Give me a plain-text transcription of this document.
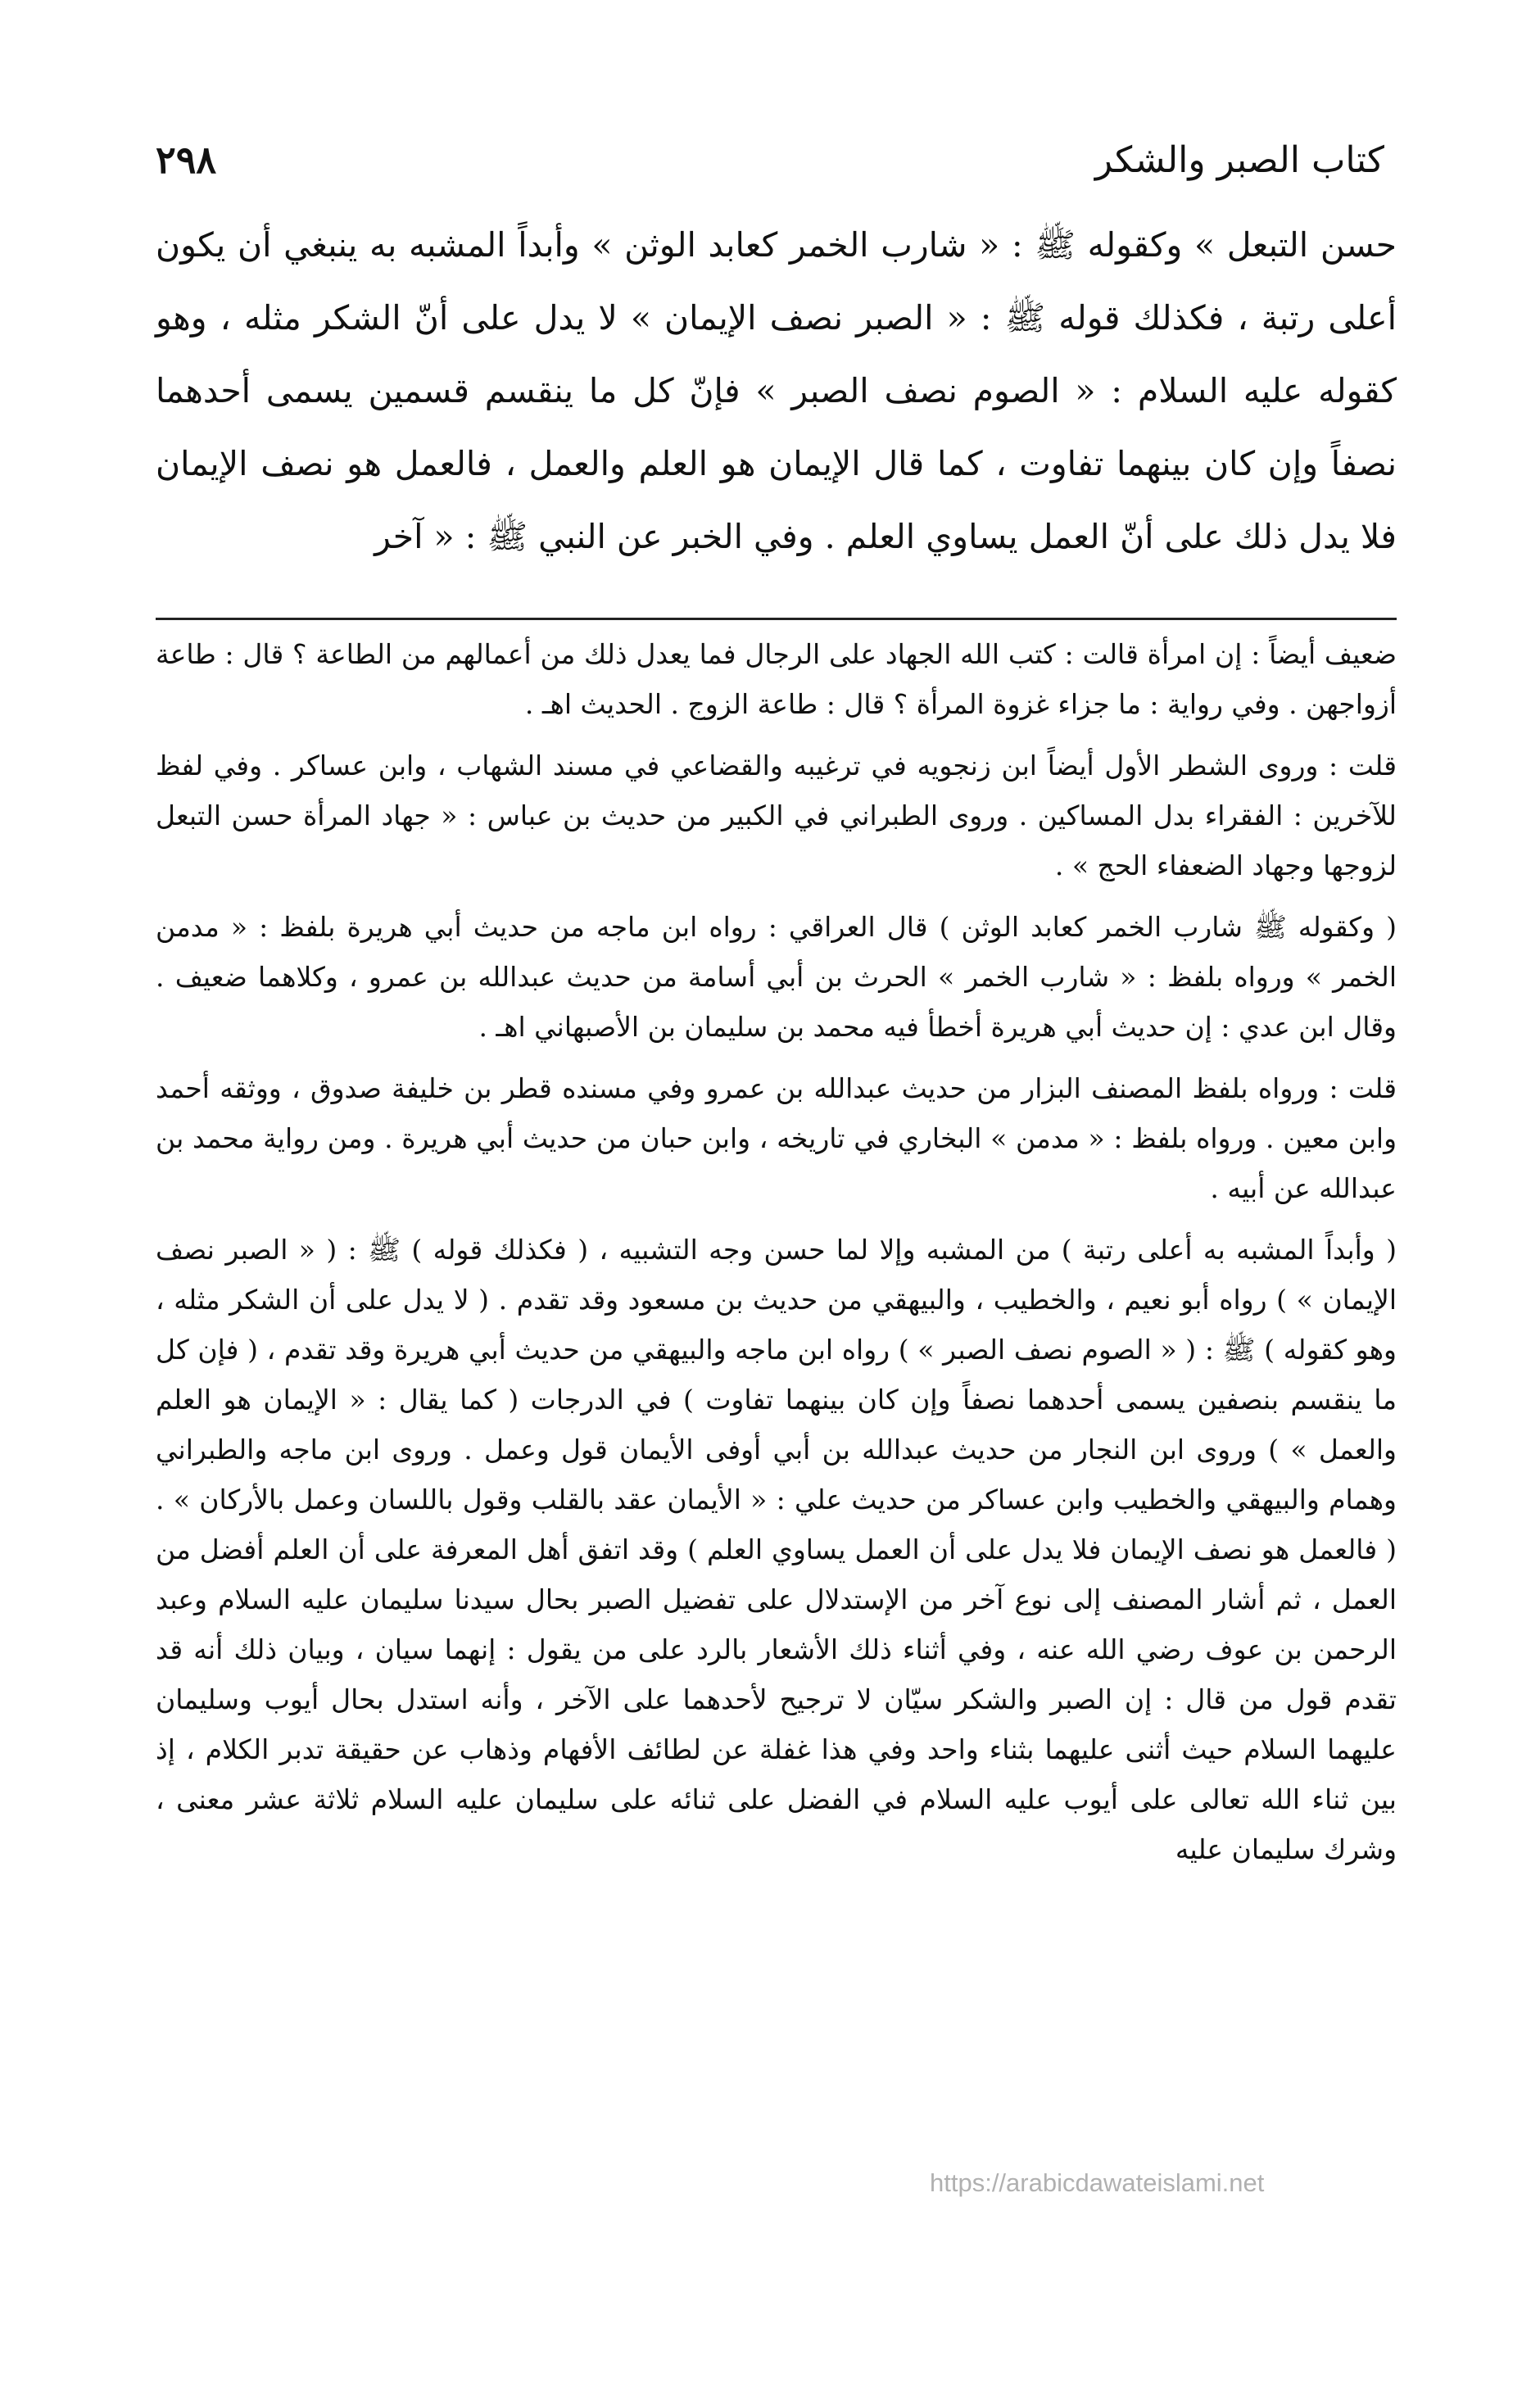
كتاب الصبر والشكر
٢٩٨

حسن التبعل » وكقوله ﷺ : « شارب الخمر كعابد الوثن » وأبداً المشبه به ينبغي أن يكون أعلى رتبة ، فكذلك قوله ﷺ : « الصبر نصف الإيمان » لا يدل على أنّ الشكر مثله ، وهو كقوله عليه السلام : « الصوم نصف الصبر » فإنّ كل ما ينقسم قسمين يسمى أحدهما نصفاً وإن كان بينهما تفاوت ، كما قال الإيمان هو العلم والعمل ، فالعمل هو نصف الإيمان فلا يدل ذلك على أنّ العمل يساوي العلم . وفي الخبر عن النبي ﷺ : « آخر

ضعيف أيضاً : إن امرأة قالت : كتب الله الجهاد على الرجال فما يعدل ذلك من أعمالهم من الطاعة ؟ قال : طاعة أزواجهن . وفي رواية : ما جزاء غزوة المرأة ؟ قال : طاعة الزوج . الحديث اهـ .

قلت : وروى الشطر الأول أيضاً ابن زنجويه في ترغيبه والقضاعي في مسند الشهاب ، وابن عساكر . وفي لفظ للآخرين : الفقراء بدل المساكين . وروى الطبراني في الكبير من حديث بن عباس : « جهاد المرأة حسن التبعل لزوجها وجهاد الضعفاء الحج » .

( وكقوله ﷺ شارب الخمر كعابد الوثن ) قال العراقي : رواه ابن ماجه من حديث أبي هريرة بلفظ : « مدمن الخمر » ورواه بلفظ : « شارب الخمر » الحرث بن أبي أسامة من حديث عبدالله بن عمرو ، وكلاهما ضعيف . وقال ابن عدي : إن حديث أبي هريرة أخطأ فيه محمد بن سليمان بن الأصبهاني اهـ .

قلت : ورواه بلفظ المصنف البزار من حديث عبدالله بن عمرو وفي مسنده قطر بن خليفة صدوق ، ووثقه أحمد وابن معين . ورواه بلفظ : « مدمن » البخاري في تاريخه ، وابن حبان من حديث أبي هريرة . ومن رواية محمد بن عبدالله عن أبيه .

( وأبداً المشبه به أعلى رتبة ) من المشبه وإلا لما حسن وجه التشبيه ، ( فكذلك قوله ) ﷺ : ( « الصبر نصف الإيمان » ) رواه أبو نعيم ، والخطيب ، والبيهقي من حديث بن مسعود وقد تقدم . ( لا يدل على أن الشكر مثله ، وهو كقوله ) ﷺ : ( « الصوم نصف الصبر » ) رواه ابن ماجه والبيهقي من حديث أبي هريرة وقد تقدم ، ( فإن كل ما ينقسم بنصفين يسمى أحدهما نصفاً وإن كان بينهما تفاوت ) في الدرجات ( كما يقال : « الإيمان هو العلم والعمل » ) وروى ابن النجار من حديث عبدالله بن أبي أوفى الأيمان قول وعمل . وروى ابن ماجه والطبراني وهمام والبيهقي والخطيب وابن عساكر من حديث علي : « الأيمان عقد بالقلب وقول باللسان وعمل بالأركان » . ( فالعمل هو نصف الإيمان فلا يدل على أن العمل يساوي العلم ) وقد اتفق أهل المعرفة على أن العلم أفضل من العمل ، ثم أشار المصنف إلى نوع آخر من الإستدلال على تفضيل الصبر بحال سيدنا سليمان عليه السلام وعبد الرحمن بن عوف رضي الله عنه ، وفي أثناء ذلك الأشعار بالرد على من يقول : إنهما سيان ، وبيان ذلك أنه قد تقدم قول من قال : إن الصبر والشكر سيّان لا ترجيح لأحدهما على الآخر ، وأنه استدل بحال أيوب وسليمان عليهما السلام حيث أثنى عليهما بثناء واحد وفي هذا غفلة عن لطائف الأفهام وذهاب عن حقيقة تدبر الكلام ، إذ بين ثناء الله تعالى على أيوب عليه السلام في الفضل على ثنائه على سليمان عليه السلام ثلاثة عشر معنى ، وشرك سليمان عليه

https://arabicdawateislami.net
